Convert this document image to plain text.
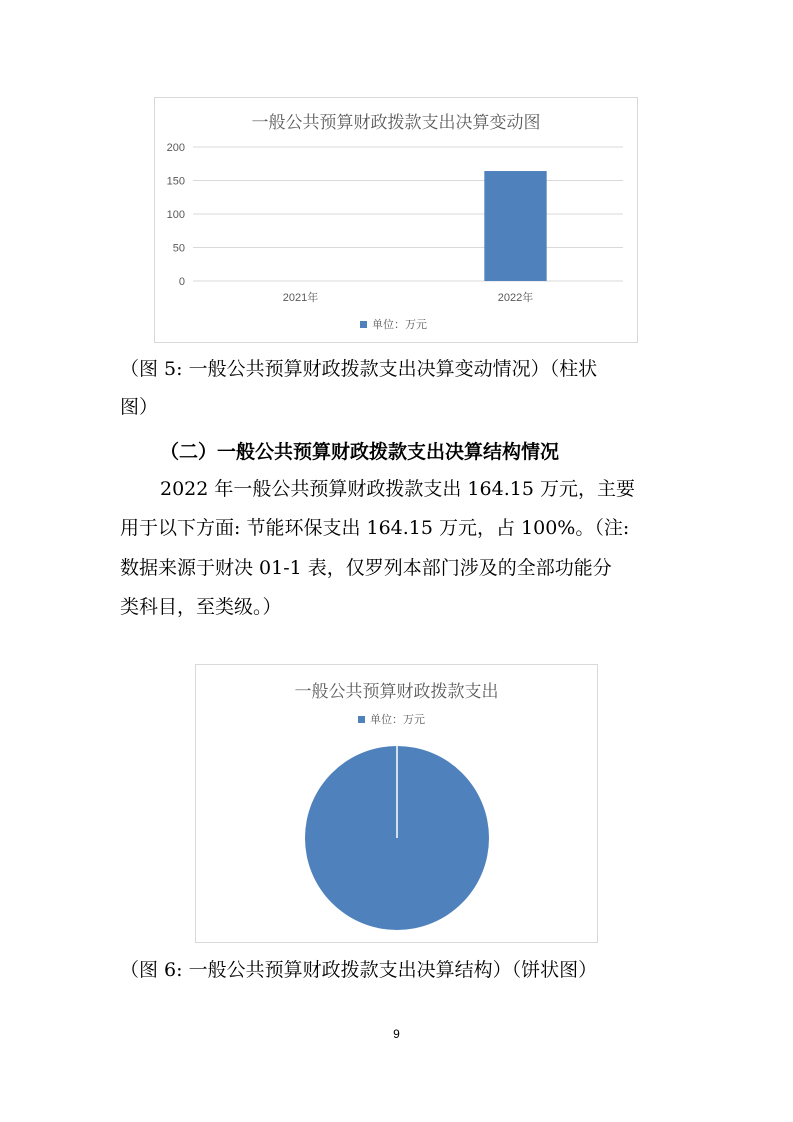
一般公共预算财政拨款支出决算变动图
0
50
100
150
200
2021年	2022年
单位：万元
（图 5: 一般公共预算财政拨款支出决算变动情况）（柱状
图）
（二）一般公共预算财政拨款支出决算结构情况
2022 年一般公共预算财政拨款支出 164.15 万元，主要
用于以下方面: 节能环保支出 164.15 万元，占 100%。（注:
数据来源于财决 01-1 表，仅罗列本部门涉及的全部功能分
类科目，至类级。）
一般公共预算财政拨款支出
单位：万元
（图 6: 一般公共预算财政拨款支出决算结构）（饼状图）
9
